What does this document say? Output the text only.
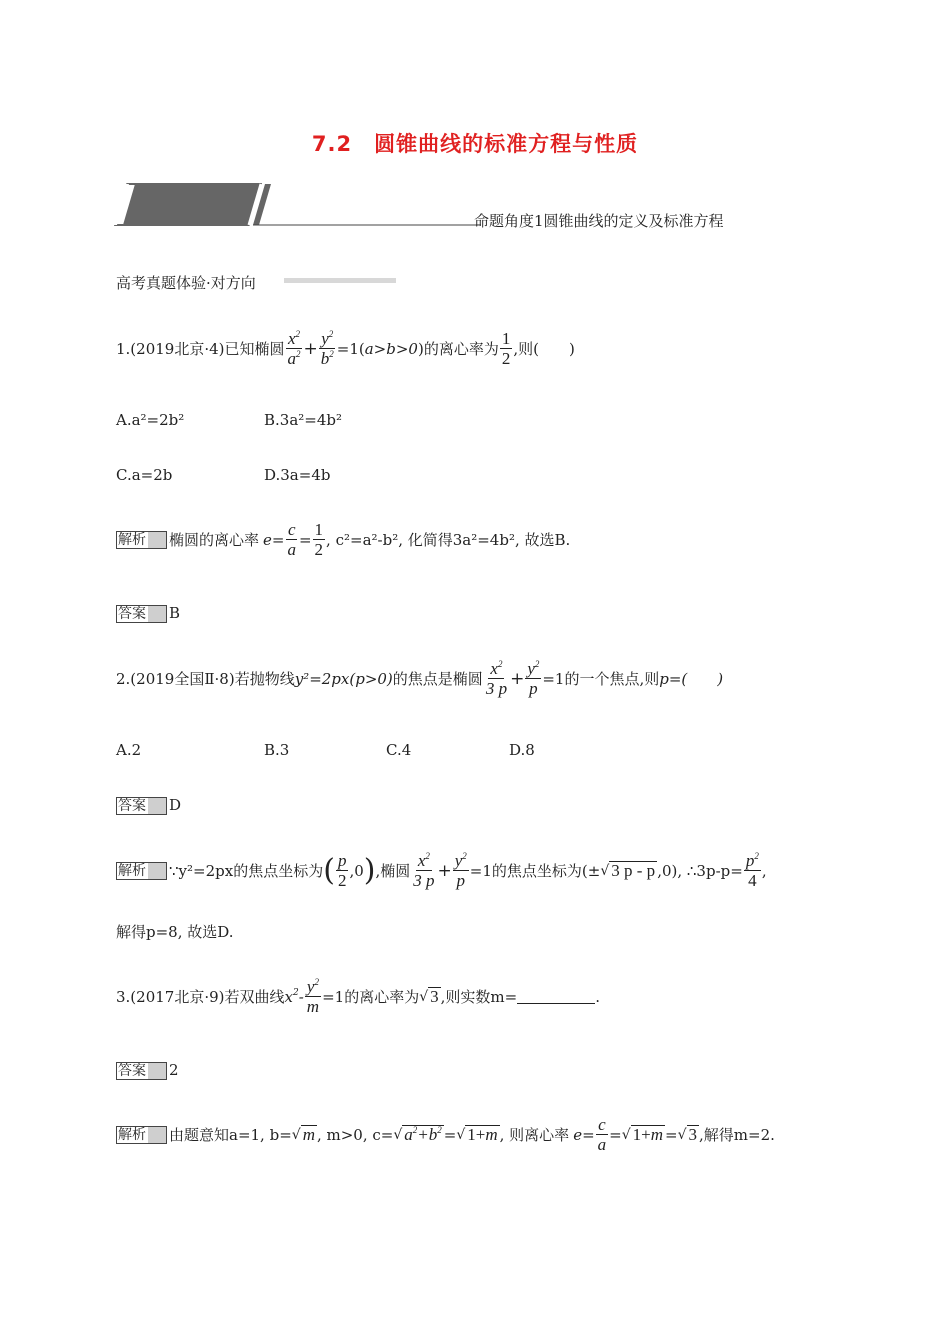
7.2　圆锥曲线的标准方程与性质
命题角度1圆锥曲线的定义及标准方程
高考真题体验·对方向
1.(2019北京·4)已知椭圆 $\frac{x^2}{a^2} + \frac{y^2}{b^2} =1$( a>b>0 )的离心率为 $\frac{1}{2}$ ,则(　　)
A.a²=2b²	B.3a²=4b²
C.a=2b	D.3a=4b
解析	椭圆的离心率 $e= \frac{c}{a} = \frac{1}{2}$ , c²=a²-b², 化简得3a²=4b², 故选B.
答案 B
2.(2019全国Ⅱ·8)若抛物线 y²=2px(p>0) 的焦点是椭圆 $\frac{x^2}{3 p} + \frac{y^2}{p} =1$的一个焦点,则 p=(　　)
A.2	B.3	C.4	D.8
答案 D
解析	∵y²=2px的焦点坐标为 ( $\frac{p}{2} ,0$ ) ,椭圆 $\frac{x^2}{3 p} + \frac{y^2}{p} =1$的焦点坐标为(± √ 3 p - p ,0), ∴3p-p= $\frac{p^2}{4}$ ,
解得p=8, 故选D.
3.(2017北京·9)若双曲线 $x^2- \frac{y^2}{m} =1$的离心率为 √ 3 ,则实数m=	.
答案 2
解析	由题意知a=1, b= √ m , m>0, c= √ $a^2+b^2$ = √ 1+m , 则离心率 $e= \frac{c}{a}$ = √ 1+m = √ 3 ,解得m=2.
